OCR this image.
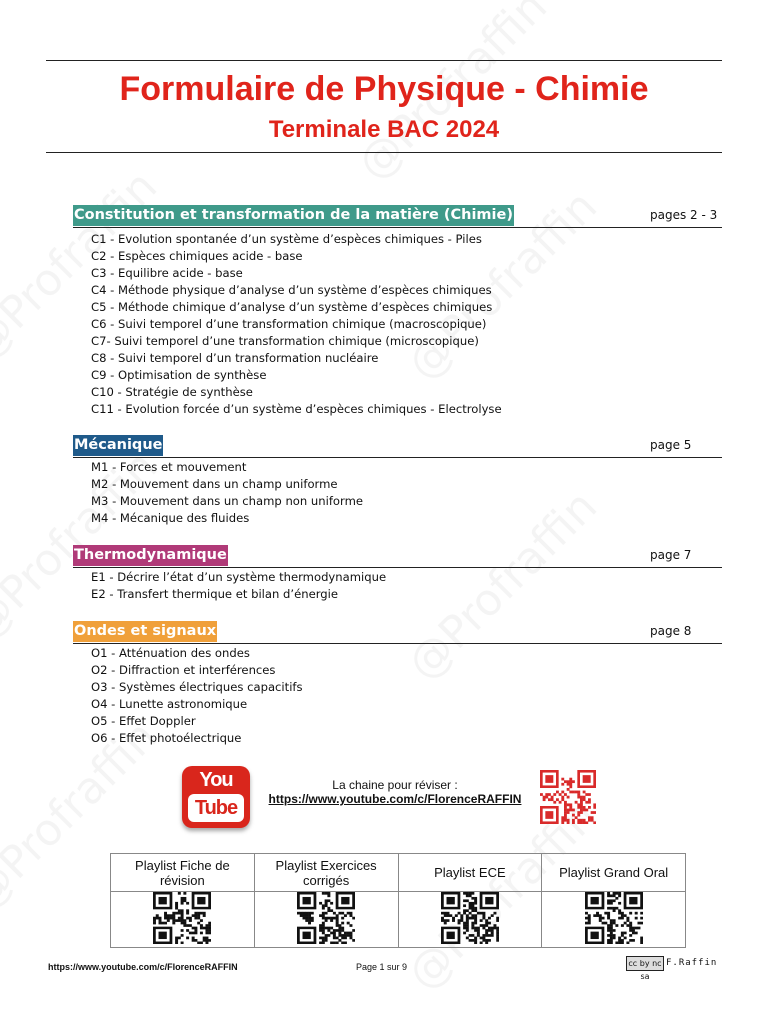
Formulaire de Physique - Chimie
Terminale BAC 2024
Constitution et transformation de la matière (Chimie)	pages 2 - 3
C1 - Evolution spontanée d’un système d’espèces chimiques - Piles
C2 - Espèces chimiques acide - base
C3 - Equilibre acide - base
C4 - Méthode physique d’analyse d’un système d’espèces chimiques
C5 - Méthode chimique d’analyse d’un système d’espèces chimiques
C6 - Suivi temporel d’une transformation chimique (macroscopique)
C7- Suivi temporel d’une transformation chimique (microscopique)
C8 - Suivi temporel d’un transformation nucléaire
C9 - Optimisation de synthèse
C10 - Stratégie de synthèse
C11 - Evolution forcée d’un système d’espèces chimiques - Electrolyse
Mécanique	page 5
M1 - Forces et mouvement
M2 - Mouvement dans un champ uniforme
M3 - Mouvement dans un champ non uniforme
M4 - Mécanique des fluides
Thermodynamique	page 7
E1 - Décrire l’état d’un système thermodynamique
E2 - Transfert thermique et bilan d’énergie
Ondes et signaux	page 8
O1 - Atténuation des ondes
O2 - Diffraction et interférences
O3 - Systèmes électriques capacitifs
O4 - Lunette astronomique
O5 - Effet Doppler
O6 - Effet photoélectrique
You
Tube
La chaine pour réviser :
https://www.youtube.com/c/FlorenceRAFFIN
Playlist Fiche de révision	Playlist Exercices corrigés	Playlist ECE	Playlist Grand Oral

https://www.youtube.com/c/FlorenceRAFFIN	Page 1 sur 9	cc by nc sa
F.Raffin
